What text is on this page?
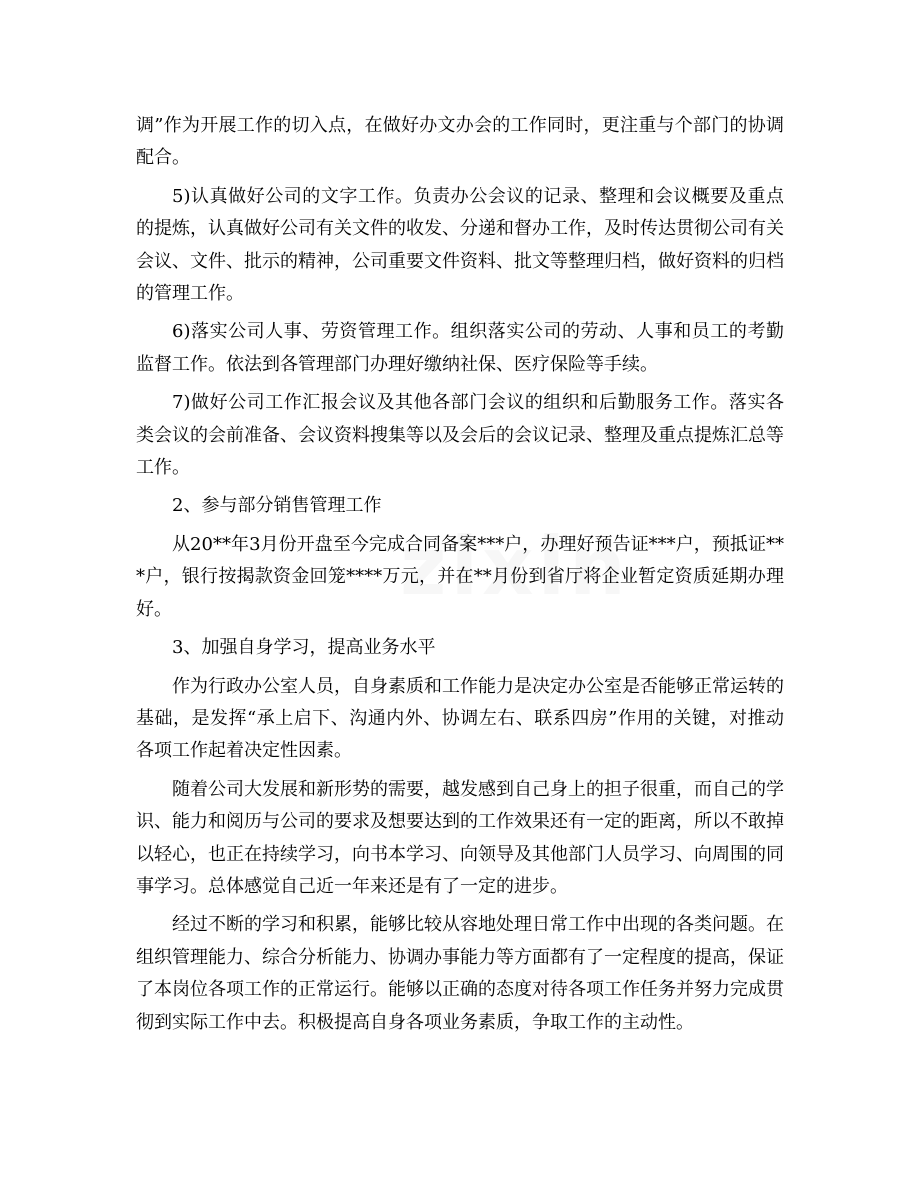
调”作为开展工作的切入点，在做好办文办会的工作同时，更注重与个部门的协调配合。

5)认真做好公司的文字工作。负责办公会议的记录、整理和会议概要及重点的提炼，认真做好公司有关文件的收发、分递和督办工作，及时传达贯彻公司有关会议、文件、批示的精神，公司重要文件资料、批文等整理归档，做好资料的归档的管理工作。

6)落实公司人事、劳资管理工作。组织落实公司的劳动、人事和员工的考勤监督工作。依法到各管理部门办理好缴纳社保、医疗保险等手续。

7)做好公司工作汇报会议及其他各部门会议的组织和后勤服务工作。落实各类会议的会前准备、会议资料搜集等以及会后的会议记录、整理及重点提炼汇总等工作。

2、参与部分销售管理工作

从20**年3月份开盘至今完成合同备案***户，办理好预告证***户，预抵证***户，银行按揭款资金回笼****万元，并在**月份到省厅将企业暂定资质延期办理好。

3、加强自身学习，提高业务水平

作为行政办公室人员，自身素质和工作能力是决定办公室是否能够正常运转的基础，是发挥“承上启下、沟通内外、协调左右、联系四房”作用的关键，对推动各项工作起着决定性因素。

随着公司大发展和新形势的需要，越发感到自己身上的担子很重，而自己的学识、能力和阅历与公司的要求及想要达到的工作效果还有一定的距离，所以不敢掉以轻心，也正在持续学习，向书本学习、向领导及其他部门人员学习、向周围的同事学习。总体感觉自己近一年来还是有了一定的进步。

经过不断的学习和积累，能够比较从容地处理日常工作中出现的各类问题。在组织管理能力、综合分析能力、协调办事能力等方面都有了一定程度的提高，保证了本岗位各项工作的正常运行。能够以正确的态度对待各项工作任务并努力完成贯彻到实际工作中去。积极提高自身各项业务素质，争取工作的主动性。
